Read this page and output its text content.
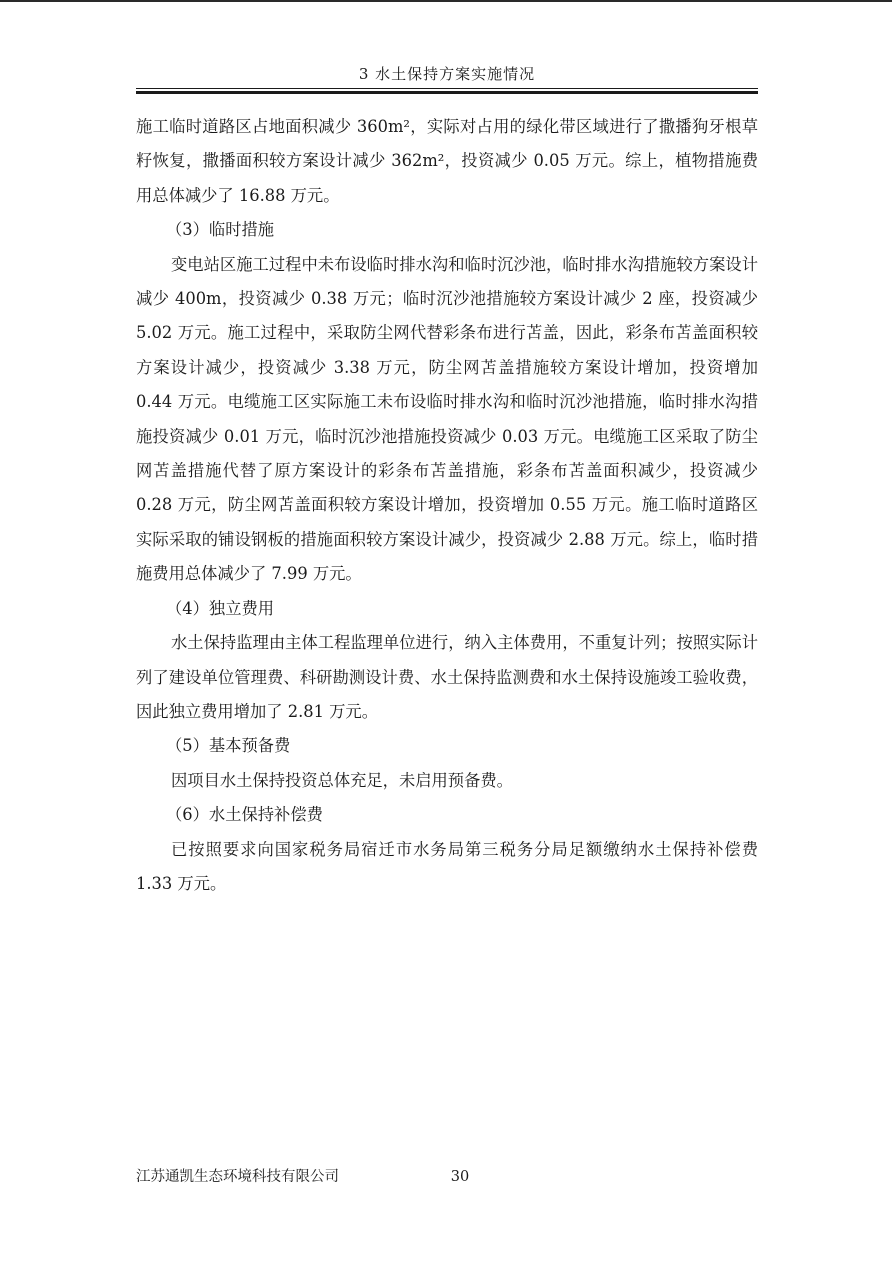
3 水土保持方案实施情况

施工临时道路区占地面积减少 360m²，实际对占用的绿化带区域进行了撒播狗牙根草籽恢复，撒播面积较方案设计减少 362m²，投资减少 0.05 万元。综上，植物措施费用总体减少了 16.88 万元。

（3）临时措施

变电站区施工过程中未布设临时排水沟和临时沉沙池，临时排水沟措施较方案设计减少 400m，投资减少 0.38 万元；临时沉沙池措施较方案设计减少 2 座，投资减少 5.02 万元。施工过程中，采取防尘网代替彩条布进行苫盖，因此，彩条布苫盖面积较方案设计减少，投资减少 3.38 万元，防尘网苫盖措施较方案设计增加，投资增加 0.44 万元。电缆施工区实际施工未布设临时排水沟和临时沉沙池措施，临时排水沟措施投资减少 0.01 万元，临时沉沙池措施投资减少 0.03 万元。电缆施工区采取了防尘网苫盖措施代替了原方案设计的彩条布苫盖措施，彩条布苫盖面积减少，投资减少 0.28 万元，防尘网苫盖面积较方案设计增加，投资增加 0.55 万元。施工临时道路区实际采取的铺设钢板的措施面积较方案设计减少，投资减少 2.88 万元。综上，临时措施费用总体减少了 7.99 万元。

（4）独立费用

水土保持监理由主体工程监理单位进行，纳入主体费用，不重复计列；按照实际计列了建设单位管理费、科研勘测设计费、水土保持监测费和水土保持设施竣工验收费，因此独立费用增加了 2.81 万元。

（5）基本预备费

因项目水土保持投资总体充足，未启用预备费。

（6）水土保持补偿费

已按照要求向国家税务局宿迁市水务局第三税务分局足额缴纳水土保持补偿费 1.33 万元。

江苏通凯生态环境科技有限公司	30
